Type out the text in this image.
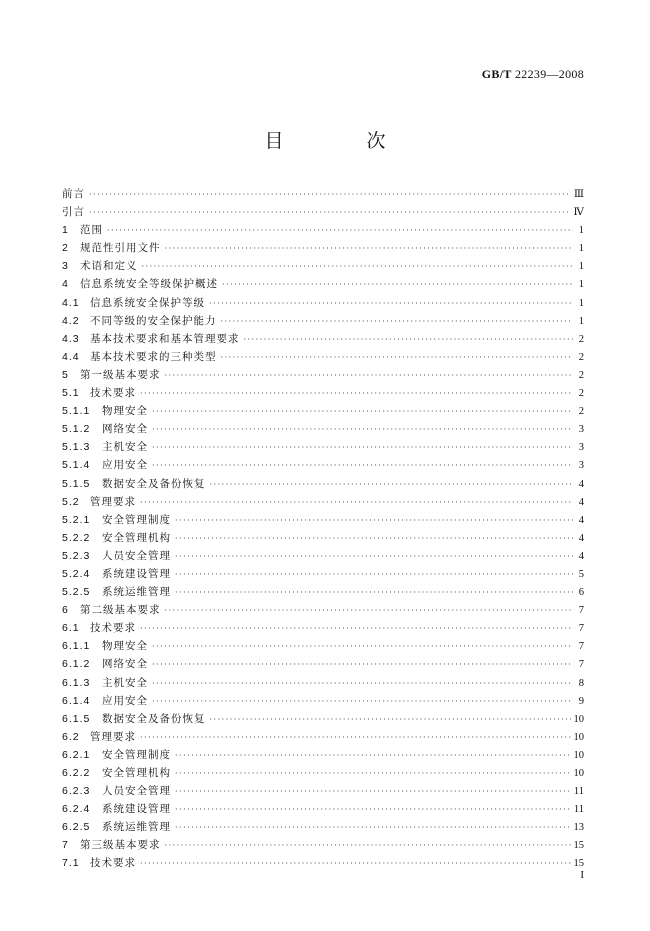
GB/T 22239—2008
目　次
前言 ·····	Ⅲ
引言 ·····	Ⅳ
1	范围 ·····	1
2	规范性引用文件 ·····	1
3	术语和定义 ·····	1
4	信息系统安全等级保护概述 ·····	1
4.1 信息系统安全保护等级 ·····	1
4.2 不同等级的安全保护能力 ·····	1
4.3 基本技术要求和基本管理要求 ·····	2
4.4 基本技术要求的三种类型 ·····	2
5	第一级基本要求 ·····	2
5.1 技术要求 ·····	2
5.1.1	物理安全 ·····	2
5.1.2	网络安全 ·····	3
5.1.3	主机安全 ·····	3
5.1.4	应用安全 ·····	3
5.1.5	数据安全及备份恢复 ·····	4
5.2 管理要求 ·····	4
5.2.1	安全管理制度 ·····	4
5.2.2	安全管理机构 ·····	4
5.2.3	人员安全管理 ·····	4
5.2.4	系统建设管理 ·····	5
5.2.5	系统运维管理 ·····	6
6	第二级基本要求 ·····	7
6.1 技术要求 ·····	7
6.1.1	物理安全 ·····	7
6.1.2	网络安全 ·····	7
6.1.3	主机安全 ·····	8
6.1.4	应用安全 ·····	9
6.1.5	数据安全及备份恢复 ·····	10
6.2 管理要求 ·····	10
6.2.1	安全管理制度 ·····	10
6.2.2	安全管理机构 ·····	10
6.2.3	人员安全管理 ·····	11
6.2.4	系统建设管理 ·····	11
6.2.5	系统运维管理 ·····	13
7	第三级基本要求 ·····	15
7.1 技术要求 ·····	15
I
